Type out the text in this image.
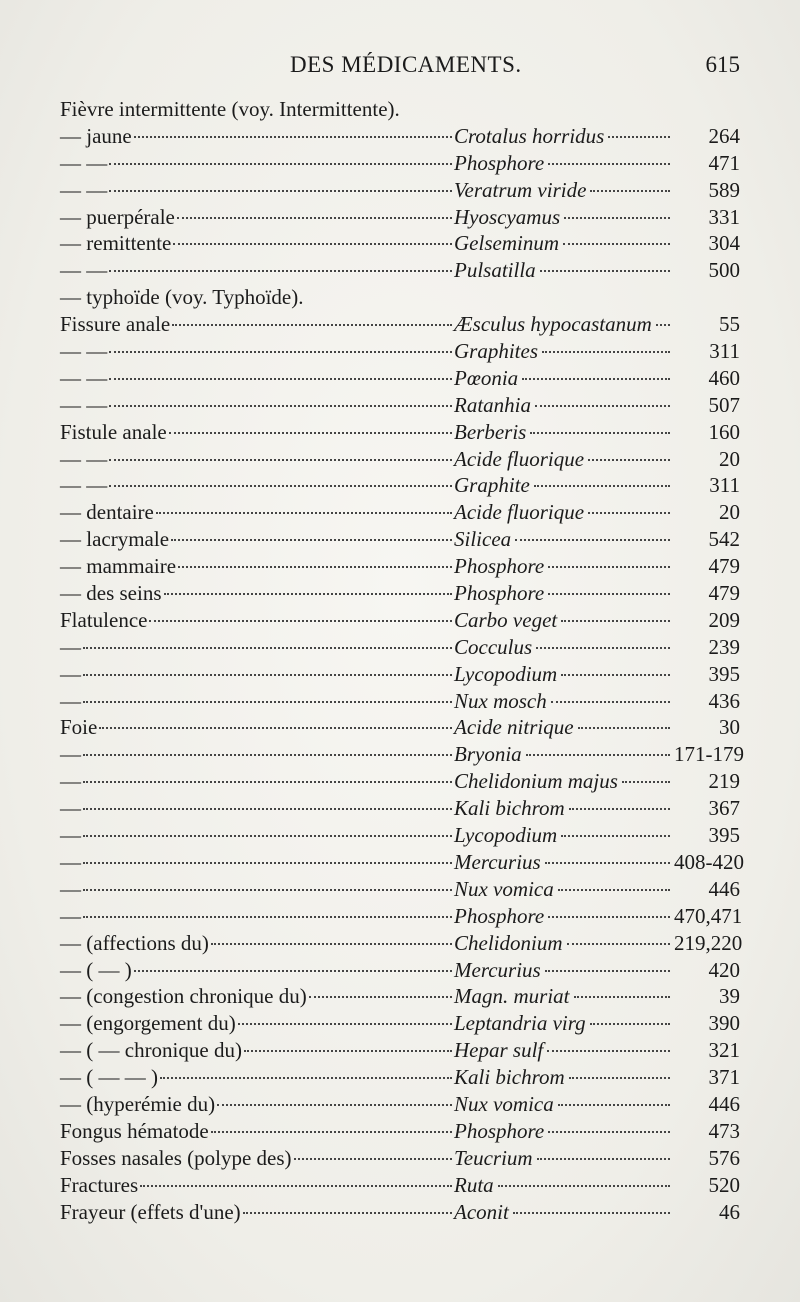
DES MÉDICAMENTS.	615
Fièvre intermittente (voy. Intermittente).
— jaune	Crotalus horridus	264
— —	Phosphore	471
— —	Veratrum viride	589
— puerpérale	Hyoscyamus	331
— remittente	Gelseminum	304
— —	Pulsatilla	500
— typhoïde (voy. Typhoïde).
Fissure anale	Æsculus hypocastanum	55
— —	Graphites	311
— —	Pœonia	460
— —	Ratanhia	507
Fistule anale	Berberis	160
— —	Acide fluorique	20
— —	Graphite	311
— dentaire	Acide fluorique	20
— lacrymale	Silicea	542
— mammaire	Phosphore	479
— des seins	Phosphore	479
Flatulence	Carbo veget	209
—	Cocculus	239
—	Lycopodium	395
—	Nux mosch	436
Foie	Acide nitrique	30
—	Bryonia	171-179
—	Chelidonium majus	219
—	Kali bichrom	367
—	Lycopodium	395
—	Mercurius	408-420
—	Nux vomica	446
—	Phosphore	470,471
— (affections du)	Chelidonium	219,220
— ( — )	Mercurius	420
— (congestion chronique du)	Magn. muriat	39
— (engorgement du)	Leptandria virg	390
— ( — chronique du)	Hepar sulf	321
— ( — — )	Kali bichrom	371
— (hyperémie du)	Nux vomica	446
Fongus hématode	Phosphore	473
Fosses nasales (polype des)	Teucrium	576
Fractures	Ruta	520
Frayeur (effets d'une)	Aconit	46
